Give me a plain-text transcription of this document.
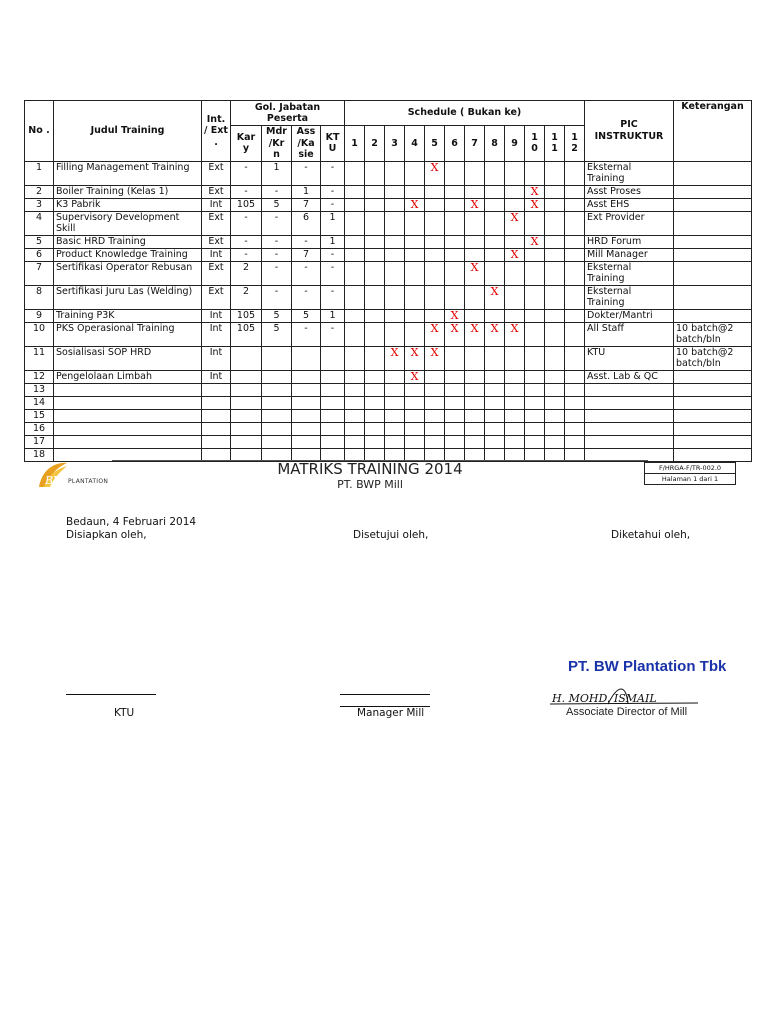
No .	Judul Training	Int. / Ext .	Gol. Jabatan Peserta				Schedule ( Bukan ke)												PIC INSTRUKTUR	Keterangan
			Kar y	Mdr /Kr n	Ass /Ka sie	KT U	1	2	3	4	5	6	7	8	9	1 0	1 1	1 2		
1	Filling Management Training	Ext	-	1	-	-					X								Eksternal Training	
2	Boiler Training (Kelas 1)	Ext	-	-	1	-										X			Asst Proses	
3	K3 Pabrik	Int	105	5	7	-				X			X			X			Asst EHS	
4	Supervisory Development Skill	Ext	-	-	6	1									X				Ext Provider	
5	Basic HRD Training	Ext	-	-	-	1										X			HRD Forum	
6	Product Knowledge Training	Int	-	-	7	-									X				Mill Manager	
7	Sertifikasi Operator Rebusan	Ext	2	-	-	-							X						Eksternal Training	
8	Sertifikasi Juru Las (Welding)	Ext	2	-	-	-								X					Eksternal Training	
9	Training P3K	Int	105	5	5	1						X							Dokter/Mantri	
10	PKS Operasional Training	Int	105	5	-	-					X	X	X	X	X				All Staff	10 batch@2 batch/bln
11	Sosialisasi SOP HRD	Int							X	X	X								KTU	10 batch@2 batch/bln
12	Pengelolaan Limbah	Int								X									Asst. Lab & QC	
13																				
14																				
15																				
16																				
17																				
18																				
BW PLANTATION
MATRIKS TRAINING 2014
PT. BWP Mill
F/HRGA-F/TR-002.0
Halaman 1 dari 1
Bedaun, 4 Februari 2014
Disiapkan oleh,	Disetujui oleh,	Diketahui oleh,
KTU	Manager Mill
PT. BW Plantation Tbk
H. MOHD. ISMAIL
Associate Director of Mill
